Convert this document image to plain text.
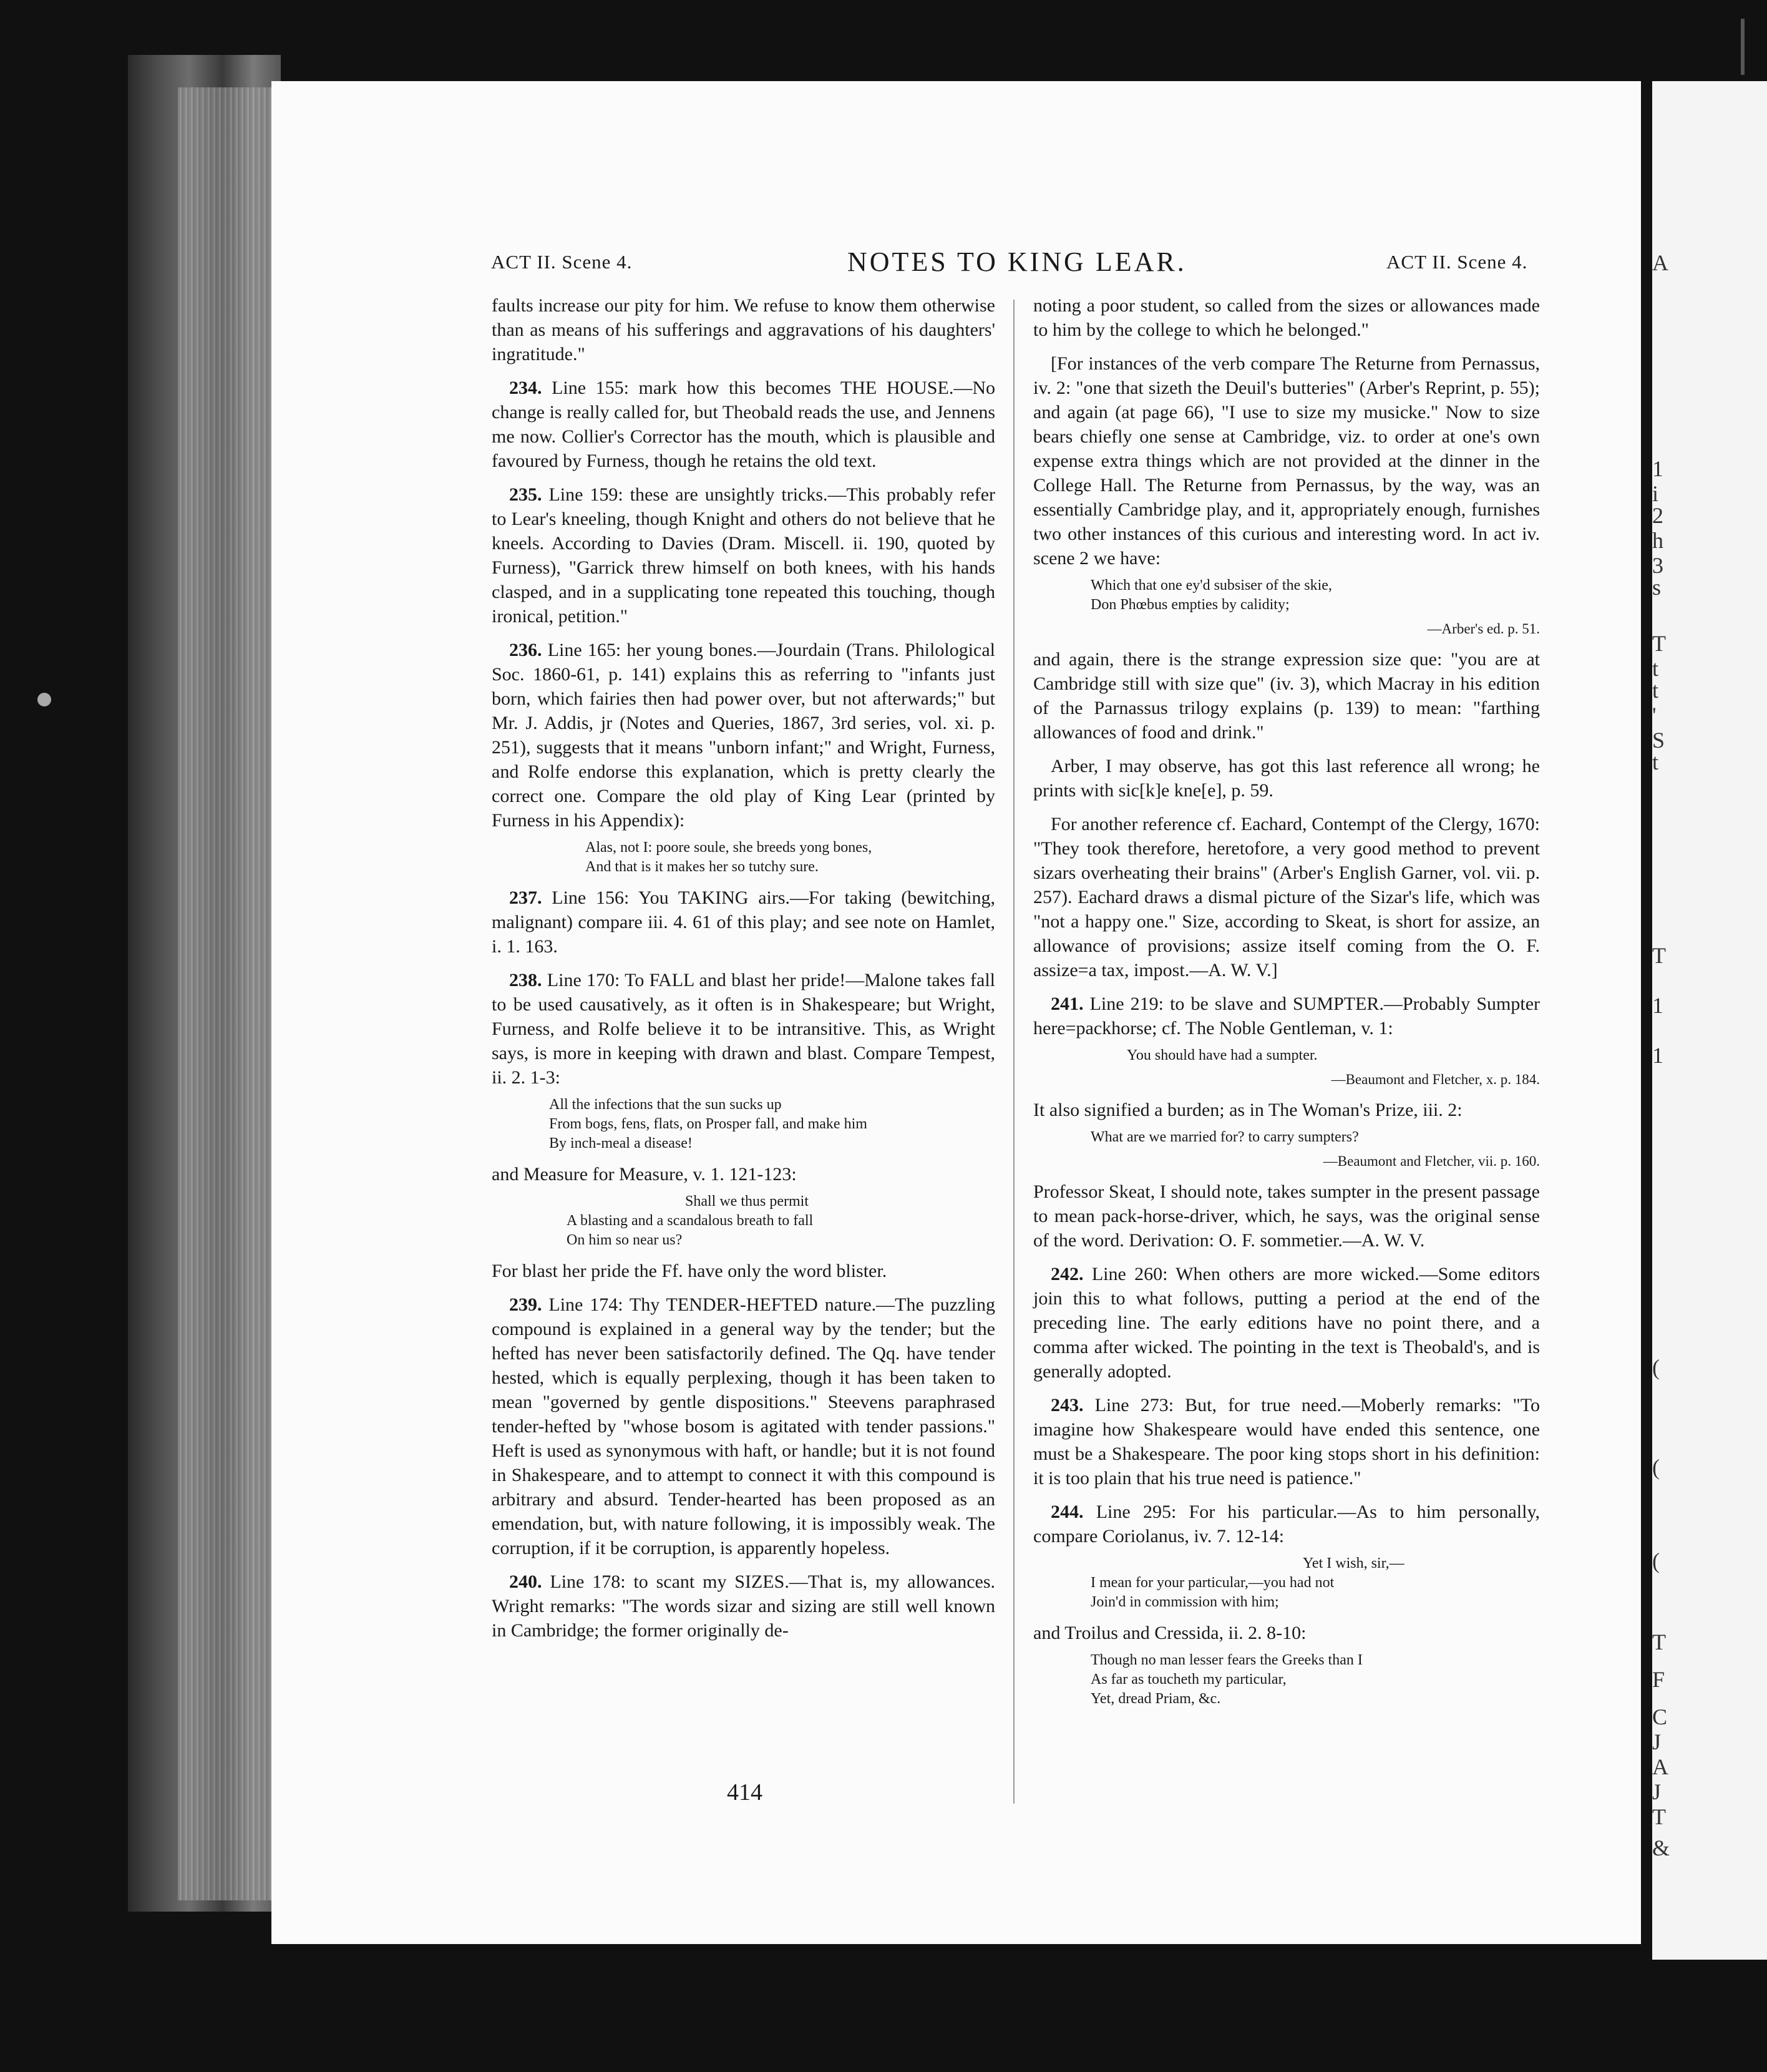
A
1
i
2
h
3
s
T
t
t
'
S
t
T
1
1
(
(
(
T
F
C
J
A
J
T
&
ACT II. Scene 4.	NOTES TO KING LEAR.	ACT II. Scene 4.

faults increase our pity for him. We refuse to know them otherwise than as means of his sufferings and aggravations of his daughters' ingratitude."

234. Line 155: mark how this becomes THE HOUSE.—No change is really called for, but Theobald reads the use, and Jennens me now. Collier's Corrector has the mouth, which is plausible and favoured by Furness, though he retains the old text.

235. Line 159: these are unsightly tricks.—This probably refer to Lear's kneeling, though Knight and others do not believe that he kneels. According to Davies (Dram. Miscell. ii. 190, quoted by Furness), "Garrick threw himself on both knees, with his hands clasped, and in a supplicating tone repeated this touching, though ironical, petition."

236. Line 165: her young bones.—Jourdain (Trans. Philological Soc. 1860-61, p. 141) explains this as referring to "infants just born, which fairies then had power over, but not afterwards;" but Mr. J. Addis, jr (Notes and Queries, 1867, 3rd series, vol. xi. p. 251), suggests that it means "unborn infant;" and Wright, Furness, and Rolfe endorse this explanation, which is pretty clearly the correct one. Compare the old play of King Lear (printed by Furness in his Appendix):

Alas, not I: poore soule, she breeds yong bones,
And that is it makes her so tutchy sure.

237. Line 156: You TAKING airs.—For taking (bewitching, malignant) compare iii. 4. 61 of this play; and see note on Hamlet, i. 1. 163.

238. Line 170: To FALL and blast her pride!—Malone takes fall to be used causatively, as it often is in Shakespeare; but Wright, Furness, and Rolfe believe it to be intransitive. This, as Wright says, is more in keeping with drawn and blast. Compare Tempest, ii. 2. 1-3:

All the infections that the sun sucks up
From bogs, fens, flats, on Prosper fall, and make him
By inch-meal a disease!

and Measure for Measure, v. 1. 121-123:

Shall we thus permit
A blasting and a scandalous breath to fall
On him so near us?

For blast her pride the Ff. have only the word blister.

239. Line 174: Thy TENDER-HEFTED nature.—The puzzling compound is explained in a general way by the tender; but the hefted has never been satisfactorily defined. The Qq. have tender hested, which is equally perplexing, though it has been taken to mean "governed by gentle dispositions." Steevens paraphrased tender-hefted by "whose bosom is agitated with tender passions." Heft is used as synonymous with haft, or handle; but it is not found in Shakespeare, and to attempt to connect it with this compound is arbitrary and absurd. Tender-hearted has been proposed as an emendation, but, with nature following, it is impossibly weak. The corruption, if it be corruption, is apparently hopeless.

240. Line 178: to scant my SIZES.—That is, my allowances. Wright remarks: "The words sizar and sizing are still well known in Cambridge; the former originally de-

noting a poor student, so called from the sizes or allowances made to him by the college to which he belonged."

[For instances of the verb compare The Returne from Pernassus, iv. 2: "one that sizeth the Deuil's butteries" (Arber's Reprint, p. 55); and again (at page 66), "I use to size my musicke." Now to size bears chiefly one sense at Cambridge, viz. to order at one's own expense extra things which are not provided at the dinner in the College Hall. The Returne from Pernassus, by the way, was an essentially Cambridge play, and it, appropriately enough, furnishes two other instances of this curious and interesting word. In act iv. scene 2 we have:

Which that one ey'd subsiser of the skie,
Don Phœbus empties by calidity;
—Arber's ed. p. 51.

and again, there is the strange expression size que: "you are at Cambridge still with size que" (iv. 3), which Macray in his edition of the Parnassus trilogy explains (p. 139) to mean: "farthing allowances of food and drink."

Arber, I may observe, has got this last reference all wrong; he prints with sic[k]e kne[e], p. 59.

For another reference cf. Eachard, Contempt of the Clergy, 1670: "They took therefore, heretofore, a very good method to prevent sizars overheating their brains" (Arber's English Garner, vol. vii. p. 257). Eachard draws a dismal picture of the Sizar's life, which was "not a happy one." Size, according to Skeat, is short for assize, an allowance of provisions; assize itself coming from the O. F. assize=a tax, impost.—A. W. V.]

241. Line 219: to be slave and SUMPTER.—Probably Sumpter here=packhorse; cf. The Noble Gentleman, v. 1:

You should have had a sumpter.
—Beaumont and Fletcher, x. p. 184.

It also signified a burden; as in The Woman's Prize, iii. 2:

What are we married for? to carry sumpters?
—Beaumont and Fletcher, vii. p. 160.

Professor Skeat, I should note, takes sumpter in the present passage to mean pack-horse-driver, which, he says, was the original sense of the word. Derivation: O. F. sommetier.—A. W. V.

242. Line 260: When others are more wicked.—Some editors join this to what follows, putting a period at the end of the preceding line. The early editions have no point there, and a comma after wicked. The pointing in the text is Theobald's, and is generally adopted.

243. Line 273: But, for true need.—Moberly remarks: "To imagine how Shakespeare would have ended this sentence, one must be a Shakespeare. The poor king stops short in his definition: it is too plain that his true need is patience."

244. Line 295: For his particular.—As to him personally, compare Coriolanus, iv. 7. 12-14:

Yet I wish, sir,—
I mean for your particular,—you had not
Join'd in commission with him;

and Troilus and Cressida, ii. 2. 8-10:

Though no man lesser fears the Greeks than I
As far as toucheth my particular,
Yet, dread Priam, &c.
414
